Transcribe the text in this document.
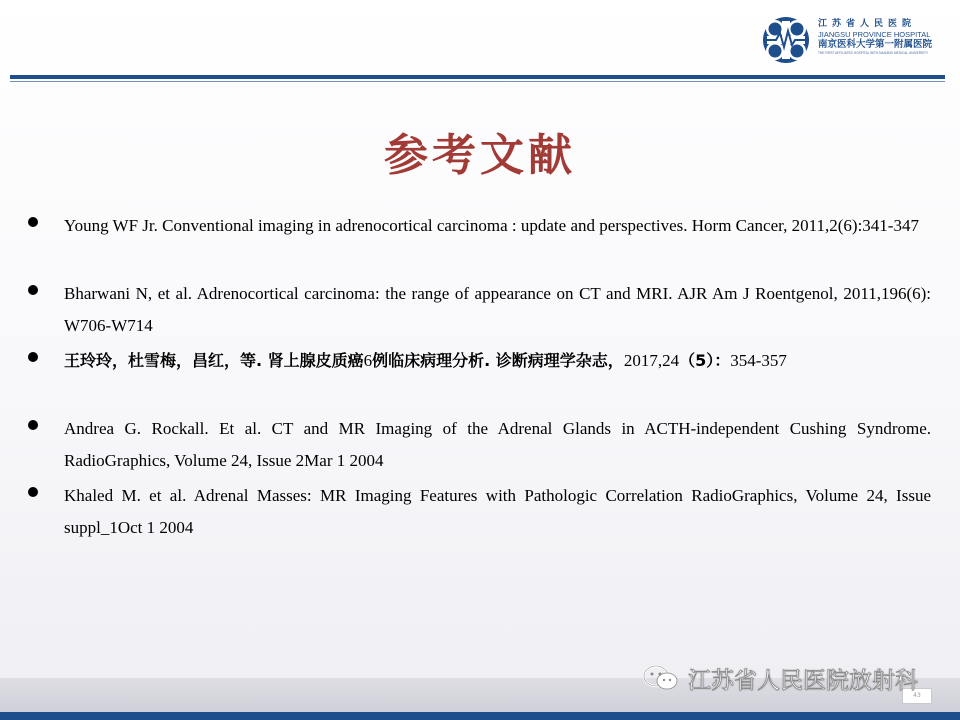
江苏省人民医院
JIANGSU PROVINCE HOSPITAL
南京医科大学第一附属医院
THE FIRST AFFILIATED HOSPITAL WITH NANJING MEDICAL UNIVERSITY
参考文献
Young WF Jr. Conventional imaging in adrenocortical carcinoma : update and perspectives. Horm Cancer, 2011,2(6):341-347
Bharwani N, et al. Adrenocortical carcinoma: the range of appearance on CT and MRI. AJR Am J Roentgenol, 2011,196(6): W706-W714
王玲玲，杜雪梅，昌红，等. 肾上腺皮质癌6例临床病理分析. 诊断病理学杂志，2017,24（5）：354-357
Andrea G. Rockall. Et al. CT and MR Imaging of the Adrenal Glands in ACTH-independent Cushing Syndrome. RadioGraphics, Volume 24, Issue 2Mar 1 2004
Khaled M. et al. Adrenal Masses: MR Imaging Features with Pathologic Correlation RadioGraphics, Volume 24, Issue suppl_1Oct 1 2004
43
江苏省人民医院放射科
